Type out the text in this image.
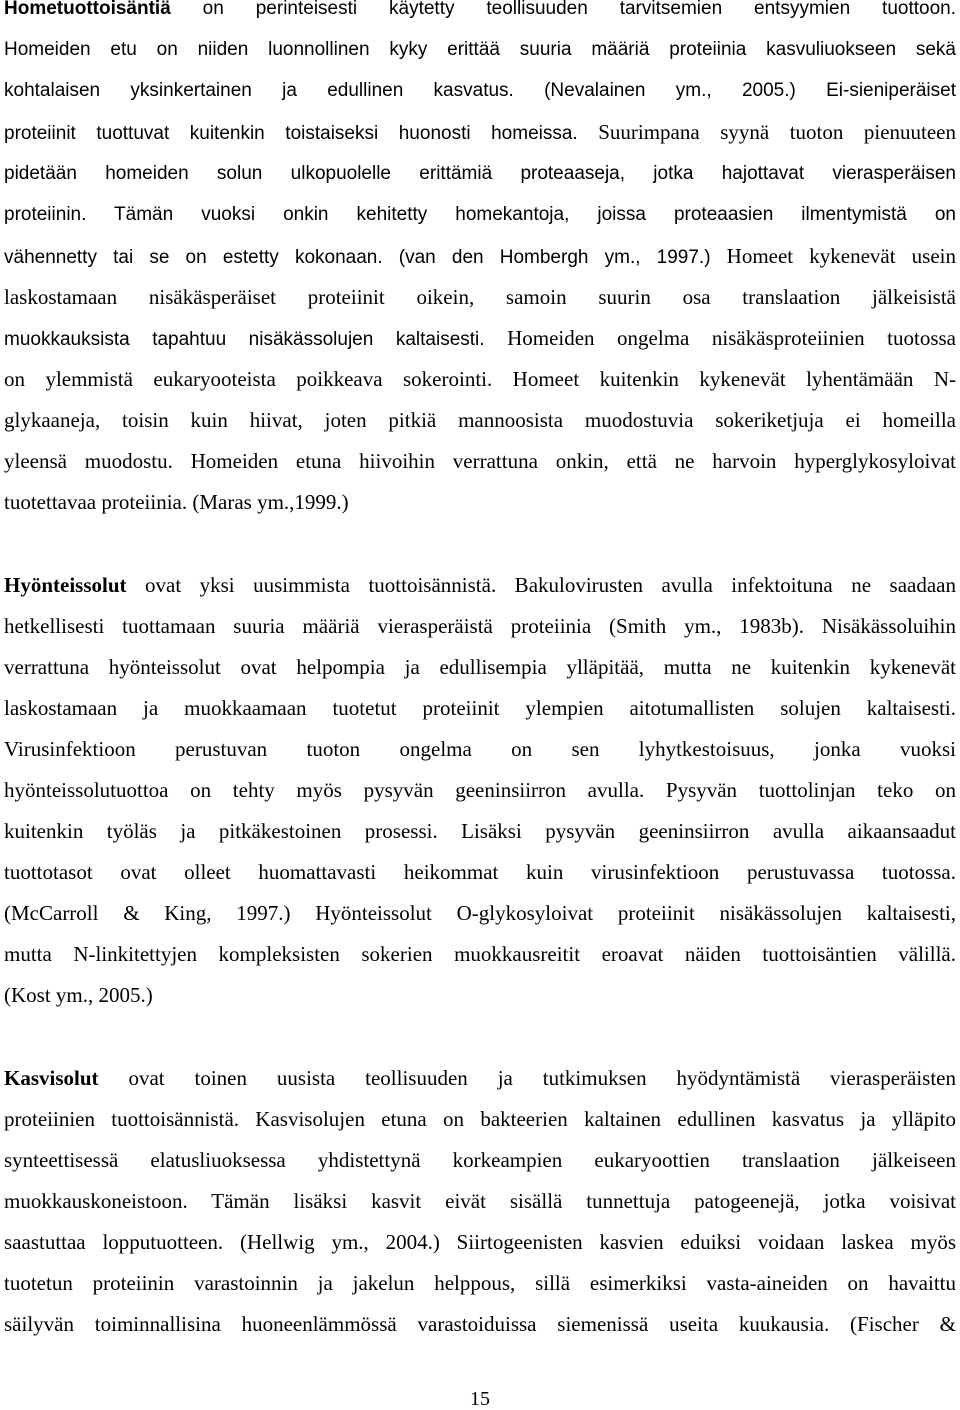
Hometuottoisäntiä on perinteisesti käytetty teollisuuden tarvitsemien entsyymien tuottoon.
Homeiden etu on niiden luonnollinen kyky erittää suuria määriä proteiinia kasvuliuokseen sekä
kohtalaisen yksinkertainen ja edullinen kasvatus. (Nevalainen ym., 2005.) Ei-sieniperäiset
proteiinit tuottuvat kuitenkin toistaiseksi huonosti homeissa. Suurimpana syynä tuoton pienuuteen
pidetään homeiden solun ulkopuolelle erittämiä proteaaseja, jotka hajottavat vierasperäisen
proteiinin. Tämän vuoksi onkin kehitetty homekantoja, joissa proteaasien ilmentymistä on
vähennetty tai se on estetty kokonaan. (van den Hombergh ym., 1997.) Homeet kykenevät usein
laskostamaan nisäkäsperäiset proteiinit oikein, samoin suurin osa translaation jälkeisistä
muokkauksista tapahtuu nisäkässolujen kaltaisesti. Homeiden ongelma nisäkäsproteiinien tuotossa
on ylemmistä eukaryooteista poikkeava sokerointi. Homeet kuitenkin kykenevät lyhentämään N-
glykaaneja, toisin kuin hiivat, joten pitkiä mannoosista muodostuvia sokeriketjuja ei homeilla
yleensä muodostu. Homeiden etuna hiivoihin verrattuna onkin, että ne harvoin hyperglykosyloivat
tuotettavaa proteiinia. (Maras ym.,1999.)
Hyönteissolut ovat yksi uusimmista tuottoisännistä. Bakulovirusten avulla infektoituna ne saadaan
hetkellisesti tuottamaan suuria määriä vierasperäistä proteiinia (Smith ym., 1983b). Nisäkässoluihin
verrattuna hyönteissolut ovat helpompia ja edullisempia ylläpitää, mutta ne kuitenkin kykenevät
laskostamaan ja muokkaamaan tuotetut proteiinit ylempien aitotumallisten solujen kaltaisesti.
Virusinfektioon perustuvan tuoton ongelma on sen lyhytkestoisuus, jonka vuoksi
hyönteissolutuottoa on tehty myös pysyvän geeninsiirron avulla. Pysyvän tuottolinjan teko on
kuitenkin työläs ja pitkäkestoinen prosessi. Lisäksi pysyvän geeninsiirron avulla aikaansaadut
tuottotasot ovat olleet huomattavasti heikommat kuin virusinfektioon perustuvassa tuotossa.
(McCarroll & King, 1997.) Hyönteissolut O-glykosyloivat proteiinit nisäkässolujen kaltaisesti,
mutta N-linkitettyjen kompleksisten sokerien muokkausreitit eroavat näiden tuottoisäntien välillä.
(Kost ym., 2005.)
Kasvisolut ovat toinen uusista teollisuuden ja tutkimuksen hyödyntämistä vierasperäisten
proteiinien tuottoisännistä. Kasvisolujen etuna on bakteerien kaltainen edullinen kasvatus ja ylläpito
synteettisessä elatusliuoksessa yhdistettynä korkeampien eukaryoottien translaation jälkeiseen
muokkauskoneistoon. Tämän lisäksi kasvit eivät sisällä tunnettuja patogeenejä, jotka voisivat
saastuttaa lopputuotteen. (Hellwig ym., 2004.) Siirtogeenisten kasvien eduiksi voidaan laskea myös
tuotetun proteiinin varastoinnin ja jakelun helppous, sillä esimerkiksi vasta-aineiden on havaittu
säilyvän toiminnallisina huoneenlämmössä varastoiduissa siemenissä useita kuukausia. (Fischer &
15
